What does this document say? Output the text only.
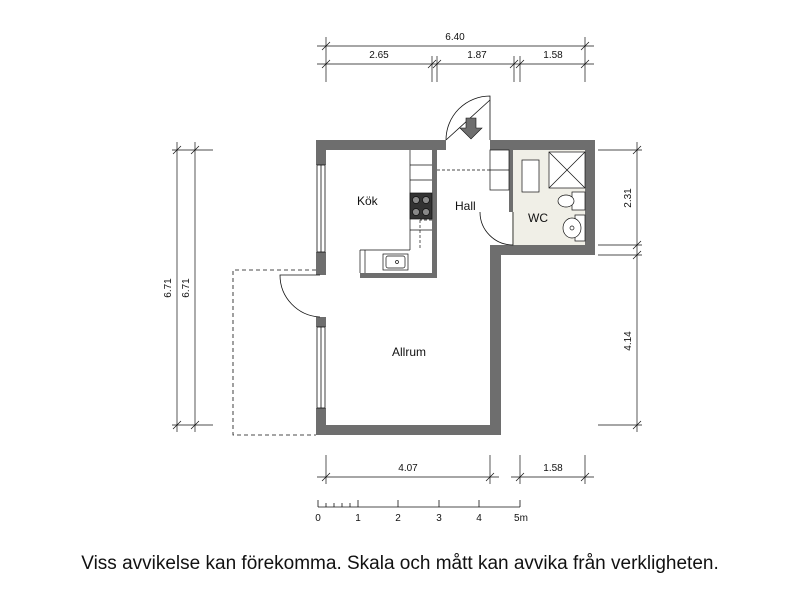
Kök	Hall
WC
Allrum
6.40
2.65	1.87	1.58
6.71 6.71
2.31
4.14
4.07	1.58
0	1	2	3	4	5m

Viss avvikelse kan förekomma. Skala och mått kan avvika från verkligheten.
